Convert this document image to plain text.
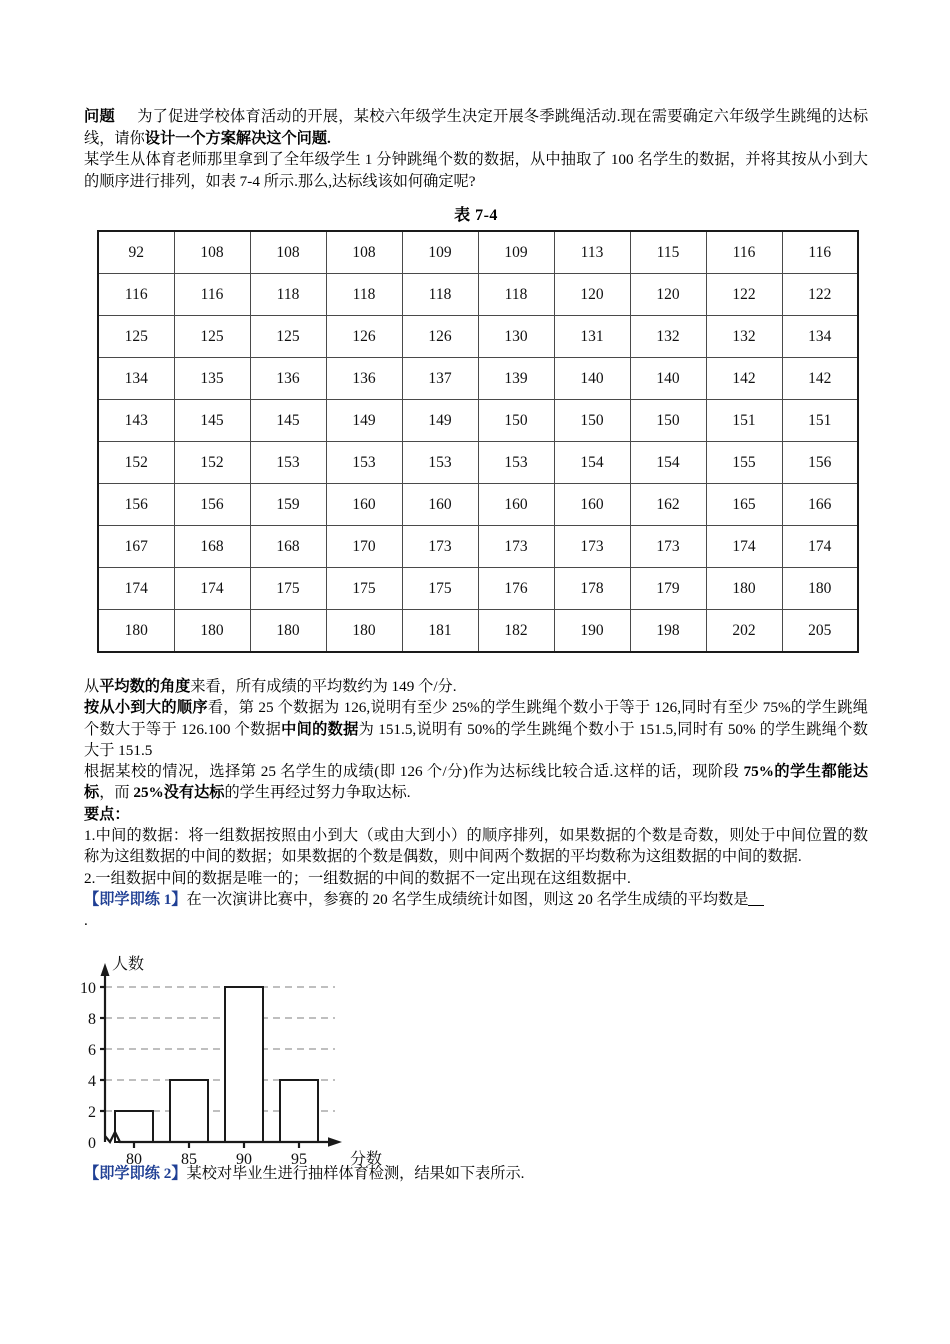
问题 为了促进学校体育活动的开展，某校六年级学生决定开展冬季跳绳活动.现在需要确定六年级学生跳绳的达标线，请你设计一个方案解决这个问题.

某学生从体育老师那里拿到了全年级学生 1 分钟跳绳个数的数据，从中抽取了 100 名学生的数据，并将其按从小到大的顺序进行排列，如表 7-4 所示.那么,达标线该如何确定呢?

表 7-4
92	108	108	108	109	109	113	115	116	116
116	116	118	118	118	118	120	120	122	122
125	125	125	126	126	130	131	132	132	134
134	135	136	136	137	139	140	140	142	142
143	145	145	149	149	150	150	150	151	151
152	152	153	153	153	153	154	154	155	156
156	156	159	160	160	160	160	162	165	166
167	168	168	170	173	173	173	173	174	174
174	174	175	175	175	176	178	179	180	180
180	180	180	180	181	182	190	198	202	205

从平均数的角度来看，所有成绩的平均数约为 149 个/分.

按从小到大的顺序看，第 25 个数据为 126,说明有至少 25%的学生跳绳个数小于等于 126,同时有至少 75%的学生跳绳个数大于等于 126.100 个数据中间的数据为 151.5,说明有 50%的学生跳绳个数小于 151.5,同时有 50% 的学生跳绳个数大于 151.5

根据某校的情况，选择第 25 名学生的成绩(即 126 个/分)作为达标线比较合适.这样的话，现阶段 75%的学生都能达标，而 25%没有达标的学生再经过努力争取达标.

要点：

1.中间的数据：将一组数据按照由小到大（或由大到小）的顺序排列，如果数据的个数是奇数，则处于中间位置的数称为这组数据的中间的数据；如果数据的个数是偶数，则中间两个数据的平均数称为这组数据的中间的数据.

2.一组数据中间的数据是唯一的；一组数据的中间的数据不一定出现在这组数据中.

【即学即练 1】在一次演讲比赛中，参赛的 20 名学生成绩统计如图，则这 20 名学生成绩的平均数是

.

10
8
6
4
2
0
80 85 90 95
人数
分数

【即学即练 2】某校对毕业生进行抽样体育检测，结果如下表所示.
